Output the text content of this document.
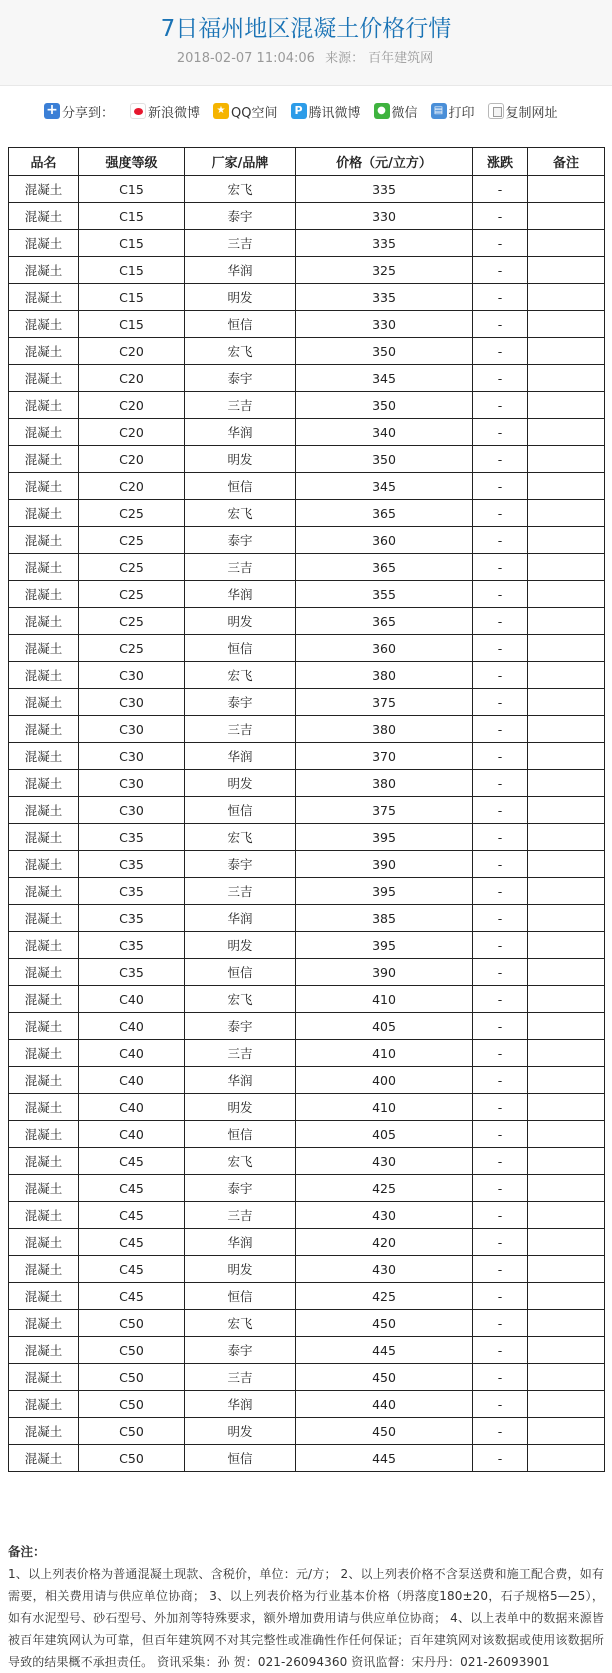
7日福州地区混凝土价格行情
2018-02-07 11:04:06 来源： 百年建筑网
+ 分享到：	新浪微博	★ QQ空间	P 腾讯微博	● 微信	▤ 打印 复制网址
品名	强度等级	厂家/品牌	价格（元/立方）	涨跌	备注
混凝土	C15	宏飞	335	-	
混凝土	C15	泰宇	330	-	
混凝土	C15	三吉	335	-	
混凝土	C15	华润	325	-	
混凝土	C15	明发	335	-	
混凝土	C15	恒信	330	-	
混凝土	C20	宏飞	350	-	
混凝土	C20	泰宇	345	-	
混凝土	C20	三吉	350	-	
混凝土	C20	华润	340	-	
混凝土	C20	明发	350	-	
混凝土	C20	恒信	345	-	
混凝土	C25	宏飞	365	-	
混凝土	C25	泰宇	360	-	
混凝土	C25	三吉	365	-	
混凝土	C25	华润	355	-	
混凝土	C25	明发	365	-	
混凝土	C25	恒信	360	-	
混凝土	C30	宏飞	380	-	
混凝土	C30	泰宇	375	-	
混凝土	C30	三吉	380	-	
混凝土	C30	华润	370	-	
混凝土	C30	明发	380	-	
混凝土	C30	恒信	375	-	
混凝土	C35	宏飞	395	-	
混凝土	C35	泰宇	390	-	
混凝土	C35	三吉	395	-	
混凝土	C35	华润	385	-	
混凝土	C35	明发	395	-	
混凝土	C35	恒信	390	-	
混凝土	C40	宏飞	410	-	
混凝土	C40	泰宇	405	-	
混凝土	C40	三吉	410	-	
混凝土	C40	华润	400	-	
混凝土	C40	明发	410	-	
混凝土	C40	恒信	405	-	
混凝土	C45	宏飞	430	-	
混凝土	C45	泰宇	425	-	
混凝土	C45	三吉	430	-	
混凝土	C45	华润	420	-	
混凝土	C45	明发	430	-	
混凝土	C45	恒信	425	-	
混凝土	C50	宏飞	450	-	
混凝土	C50	泰宇	445	-	
混凝土	C50	三吉	450	-	
混凝土	C50	华润	440	-	
混凝土	C50	明发	450	-	
混凝土	C50	恒信	445	-	
备注：
1、以上列表价格为普通混凝土现款、含税价，单位：元/方； 2、以上列表价格不含泵送费和施工配合费，如有需要，相关费用请与供应单位协商； 3、以上列表价格为行业基本价格（坍落度180±20，石子规格5—25），如有水泥型号、砂石型号、外加剂等特殊要求，额外增加费用请与供应单位协商； 4、以上表单中的数据来源皆被百年建筑网认为可靠，但百年建筑网不对其完整性或准确性作任何保证；百年建筑网对该数据或使用该数据所导致的结果概不承担责任。 资讯采集：孙 贺：021-26094360 资讯监督：宋丹丹：021-26093901
